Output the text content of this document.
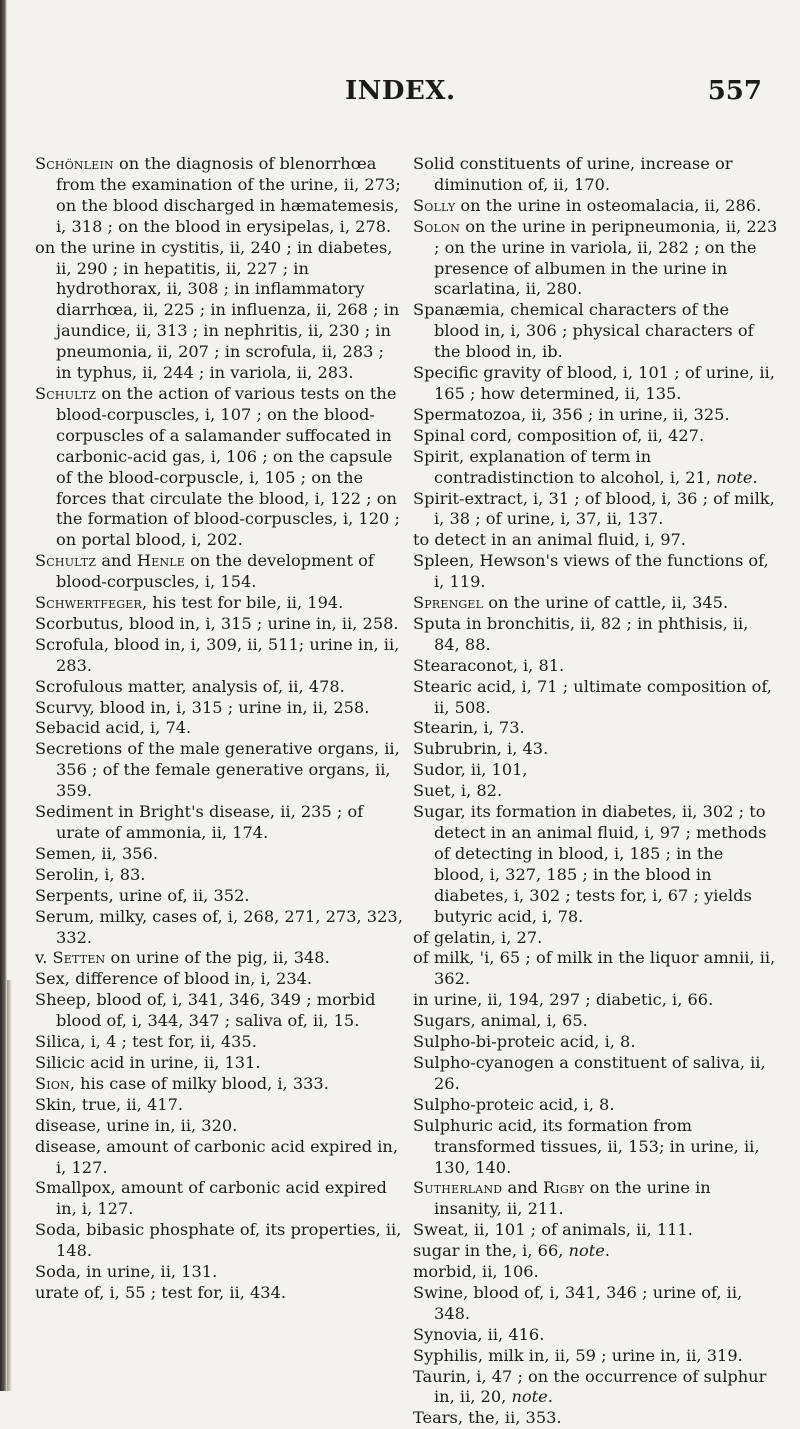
INDEX.	557

Schönlein on the diagnosis of blenorrhœa from the examination of the urine, ii, 273; on the blood discharged in hæmatemesis, i, 318 ; on the blood in erysipelas, i, 278.

on the urine in cystitis, ii, 240 ; in diabetes, ii, 290 ; in hepatitis, ii, 227 ; in hydrothorax, ii, 308 ; in inflammatory diarrhœa, ii, 225 ; in influenza, ii, 268 ; in jaundice, ii, 313 ; in nephritis, ii, 230 ; in pneumonia, ii, 207 ; in scrofula, ii, 283 ; in typhus, ii, 244 ; in variola, ii, 283.

Schultz on the action of various tests on the blood-corpuscles, i, 107 ; on the blood-corpuscles of a salamander suffocated in carbonic-acid gas, i, 106 ; on the capsule of the blood-corpuscle, i, 105 ; on the forces that circulate the blood, i, 122 ; on the formation of blood-corpuscles, i, 120 ; on portal blood, i, 202.

Schultz and Henle on the development of blood-corpuscles, i, 154.

Schwertfeger, his test for bile, ii, 194.

Scorbutus, blood in, i, 315 ; urine in, ii, 258.

Scrofula, blood in, i, 309, ii, 511; urine in, ii, 283.

Scrofulous matter, analysis of, ii, 478.

Scurvy, blood in, i, 315 ; urine in, ii, 258.

Sebacid acid, i, 74.

Secretions of the male generative organs, ii, 356 ; of the female generative organs, ii, 359.

Sediment in Bright's disease, ii, 235 ; of urate of ammonia, ii, 174.

Semen, ii, 356.

Serolin, i, 83.

Serpents, urine of, ii, 352.

Serum, milky, cases of, i, 268, 271, 273, 323, 332.

v. Setten on urine of the pig, ii, 348.

Sex, difference of blood in, i, 234.

Sheep, blood of, i, 341, 346, 349 ; morbid blood of, i, 344, 347 ; saliva of, ii, 15.

Silica, i, 4 ; test for, ii, 435.

Silicic acid in urine, ii, 131.

Sion, his case of milky blood, i, 333.

Skin, true, ii, 417.

disease, urine in, ii, 320.

disease, amount of carbonic acid expired in, i, 127.

Smallpox, amount of carbonic acid expired in, i, 127.

Soda, bibasic phosphate of, its properties, ii, 148.

Soda, in urine, ii, 131.

urate of, i, 55 ; test for, ii, 434.

Solid constituents of urine, increase or diminution of, ii, 170.

Solly on the urine in osteomalacia, ii, 286.

Solon on the urine in peripneumonia, ii, 223 ; on the urine in variola, ii, 282 ; on the presence of albumen in the urine in scarlatina, ii, 280.

Spanæmia, chemical characters of the blood in, i, 306 ; physical characters of the blood in, ib.

Specific gravity of blood, i, 101 ; of urine, ii, 165 ; how determined, ii, 135.

Spermatozoa, ii, 356 ; in urine, ii, 325.

Spinal cord, composition of, ii, 427.

Spirit, explanation of term in contradistinction to alcohol, i, 21, note.

Spirit-extract, i, 31 ; of blood, i, 36 ; of milk, i, 38 ; of urine, i, 37, ii, 137.

to detect in an animal fluid, i, 97.

Spleen, Hewson's views of the functions of, i, 119.

Sprengel on the urine of cattle, ii, 345.

Sputa in bronchitis, ii, 82 ; in phthisis, ii, 84, 88.

Stearaconot, i, 81.

Stearic acid, i, 71 ; ultimate composition of, ii, 508.

Stearin, i, 73.

Subrubrin, i, 43.

Sudor, ii, 101,

Suet, i, 82.

Sugar, its formation in diabetes, ii, 302 ; to detect in an animal fluid, i, 97 ; methods of detecting in blood, i, 185 ; in the blood, i, 327, 185 ; in the blood in diabetes, i, 302 ; tests for, i, 67 ; yields butyric acid, i, 78.

of gelatin, i, 27.

of milk, 'i, 65 ; of milk in the liquor amnii, ii, 362.

in urine, ii, 194, 297 ; diabetic, i, 66.

Sugars, animal, i, 65.

Sulpho-bi-proteic acid, i, 8.

Sulpho-cyanogen a constituent of saliva, ii, 26.

Sulpho-proteic acid, i, 8.

Sulphuric acid, its formation from transformed tissues, ii, 153; in urine, ii, 130, 140.

Sutherland and Rigby on the urine in insanity, ii, 211.

Sweat, ii, 101 ; of animals, ii, 111.

sugar in the, i, 66, note.

morbid, ii, 106.

Swine, blood of, i, 341, 346 ; urine of, ii, 348.

Synovia, ii, 416.

Syphilis, milk in, ii, 59 ; urine in, ii, 319.

Taurin, i, 47 ; on the occurrence of sulphur in, ii, 20, note.

Tears, the, ii, 353.
